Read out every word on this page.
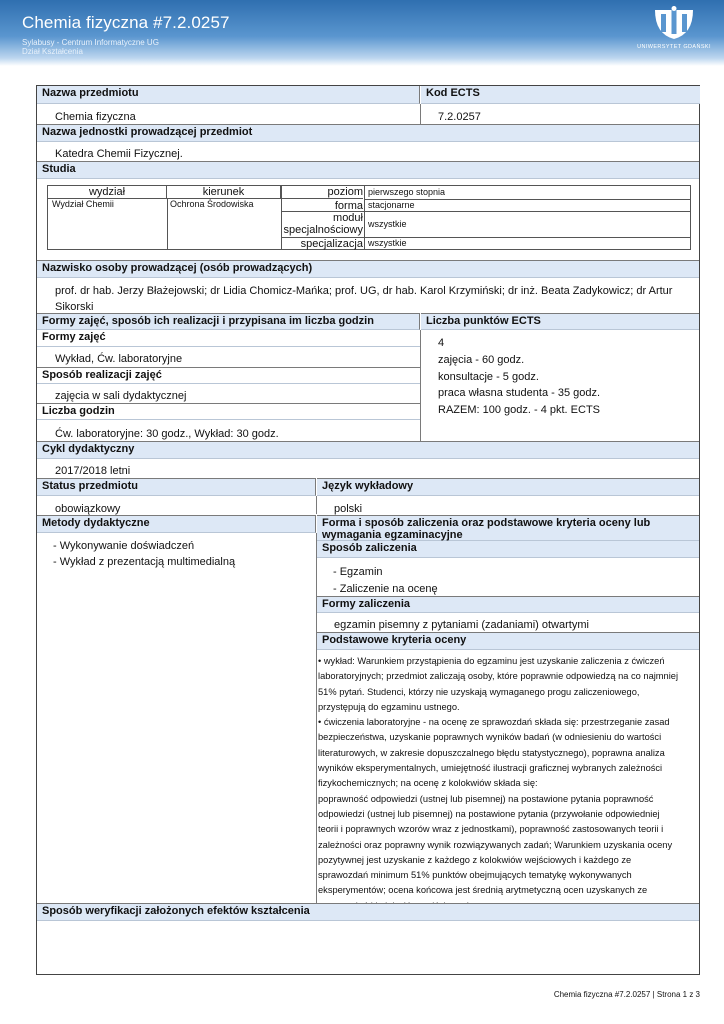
Chemia fizyczna #7.2.0257
Sylabusy - Centrum Informatyczne UG
Dział Kształcenia	UNIWERSYTET GDAŃSKI
Nazwa przedmiotu	Kod ECTS
Chemia fizyczna	7.2.0257
Nazwa jednostki prowadzącej przedmiot
Katedra Chemii Fizycznej.
Studia
wydział	kierunek
Wydział Chemii	Ochrona Środowiska
poziom pierwszego stopnia
forma stacjonarne
moduł specjalnościowy wszystkie
specjalizacja wszystkie
Nazwisko osoby prowadzącej (osób prowadzących)
prof. dr hab. Jerzy Błażejowski; dr Lidia Chomicz-Mańka; prof. UG, dr hab. Karol Krzymiński; dr inż. Beata Zadykowicz; dr Artur
Sikorski
Formy zajęć, sposób ich realizacji i przypisana im liczba godzin	Liczba punktów ECTS
Formy zajęć
Wykład, Ćw. laboratoryjne
Sposób realizacji zajęć
zajęcia w sali dydaktycznej
Liczba godzin
Ćw. laboratoryjne: 30 godz., Wykład: 30 godz.
4
zajęcia - 60 godz.
konsultacje - 5 godz.
praca własna studenta - 35 godz.
RAZEM: 100 godz. - 4 pkt. ECTS
Cykl dydaktyczny
2017/2018 letni
Status przedmiotu	Język wykładowy
obowiązkowy	polski
Metody dydaktyczne	Forma i sposób zaliczenia oraz podstawowe kryteria oceny lub wymagania egzaminacyjne
- Wykonywanie doświadczeń
- Wykład z prezentacją multimedialną
Sposób zaliczenia
- Egzamin
- Zaliczenie na ocenę
Formy zaliczenia
egzamin pisemny z pytaniami (zadaniami) otwartymi
Podstawowe kryteria oceny
• wykład: Warunkiem przystąpienia do egzaminu jest uzyskanie zaliczenia z ćwiczeń
laboratoryjnych; przedmiot zaliczają osoby, które poprawnie odpowiedzą na co najmniej
51% pytań. Studenci, którzy nie uzyskają wymaganego progu zaliczeniowego,
przystępują do egzaminu ustnego.
• ćwiczenia laboratoryjne - na ocenę ze sprawozdań składa się: przestrzeganie zasad
bezpieczeństwa, uzyskanie poprawnych wyników badań (w odniesieniu do wartości
literaturowych, w zakresie dopuszczalnego błędu statystycznego), poprawna analiza
wyników eksperymentalnych, umiejętność ilustracji graficznej wybranych zależności
fizykochemicznych; na ocenę z kolokwiów składa się:
poprawność odpowiedzi (ustnej lub pisemnej) na postawione pytania poprawność
odpowiedzi (ustnej lub pisemnej) na postawione pytania (przywołanie odpowiedniej
teorii i poprawnych wzorów wraz z jednostkami), poprawność zastosowanych teorii i
zależności oraz poprawny wynik rozwiązywanych zadań; Warunkiem uzyskania oceny
pozytywnej jest uzyskanie z każdego z kolokwiów wejściowych i każdego ze
sprawozdań minimum 51% punktów obejmujących tematykę wykonywanych
eksperymentów; ocena końcowa jest średnią arytmetyczną ocen uzyskanych ze
Sposób weryfikacji założonych efektów kształcenia
Chemia fizyczna #7.2.0257 | Strona 1 z 3
